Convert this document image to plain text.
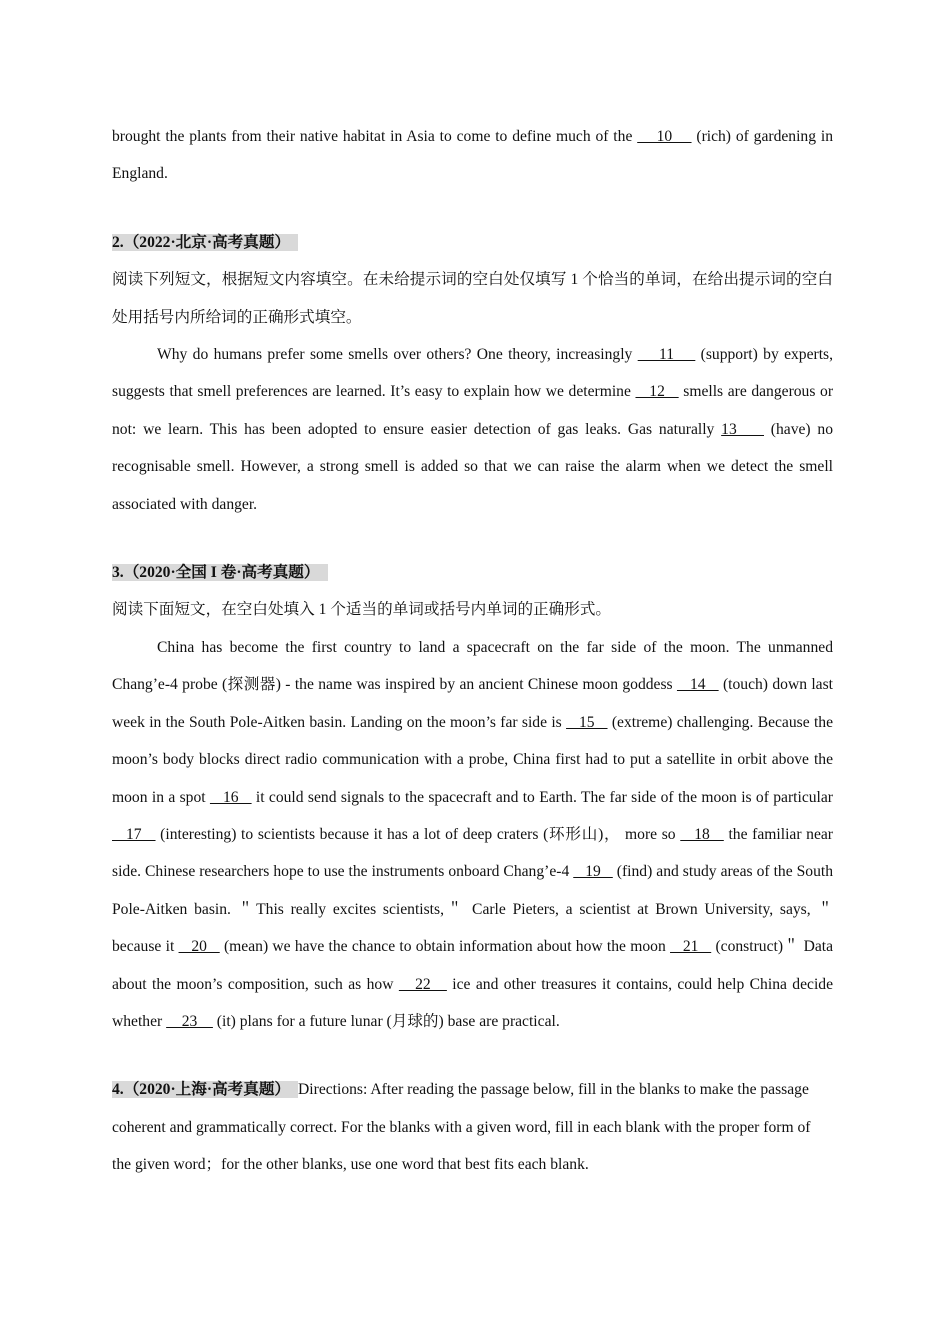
brought the plants from their native habitat in Asia to come to define much of the     10     (rich) of gardening in England.

2.（2022·北京·高考真题）

阅读下列短文，根据短文内容填空。在未给提示词的空白处仅填写 1 个恰当的单词，在给出提示词的空白处用括号内所给词的正确形式填空。

Why do humans prefer some smells over others? One theory, increasingly     11     (support) by experts, suggests that smell preferences are learned. It’s easy to explain how we determine    12    smells are dangerous or not: we learn. This has been adopted to ensure easier detection of gas leaks. Gas naturally 13     (have) no recognisable smell. However, a strong smell is added so that we can raise the alarm when we detect the smell associated with danger.

3.（2020·全国 I 卷·高考真题）

阅读下面短文，在空白处填入 1 个适当的单词或括号内单词的正确形式。

China has become the first country to land a spacecraft on the far side of the moon. The unmanned Chang’e-4 probe (探测器) - the name was inspired by an ancient Chinese moon goddess    14    (touch) down last week in the South Pole-Aitken basin. Landing on the moon’s far side is    15    (extreme) challenging. Because the moon’s body blocks direct radio communication with a probe, China first had to put a satellite in orbit above the moon in a spot    16    it could send signals to the spacecraft and to Earth. The far side of the moon is of particular    17    (interesting) to scientists because it has a lot of deep craters (环形山)， more so    18    the familiar near side. Chinese researchers hope to use the instruments onboard Chang’e-4    19    (find) and study areas of the South Pole-Aitken basin. ＂This really excites scientists,＂ Carle Pieters, a scientist at Brown University, says, ＂because it    20    (mean) we have the chance to obtain information about how the moon    21    (construct)＂ Data about the moon’s composition, such as how    22    ice and other treasures it contains, could help China decide whether     23     (it) plans for a future lunar (月球的) base are practical.

4.（2020·上海·高考真题） Directions: After reading the passage below, fill in the blanks to make the passage coherent and grammatically correct. For the blanks with a given word, fill in each blank with the proper form of the given word；for the other blanks, use one word that best fits each blank.
